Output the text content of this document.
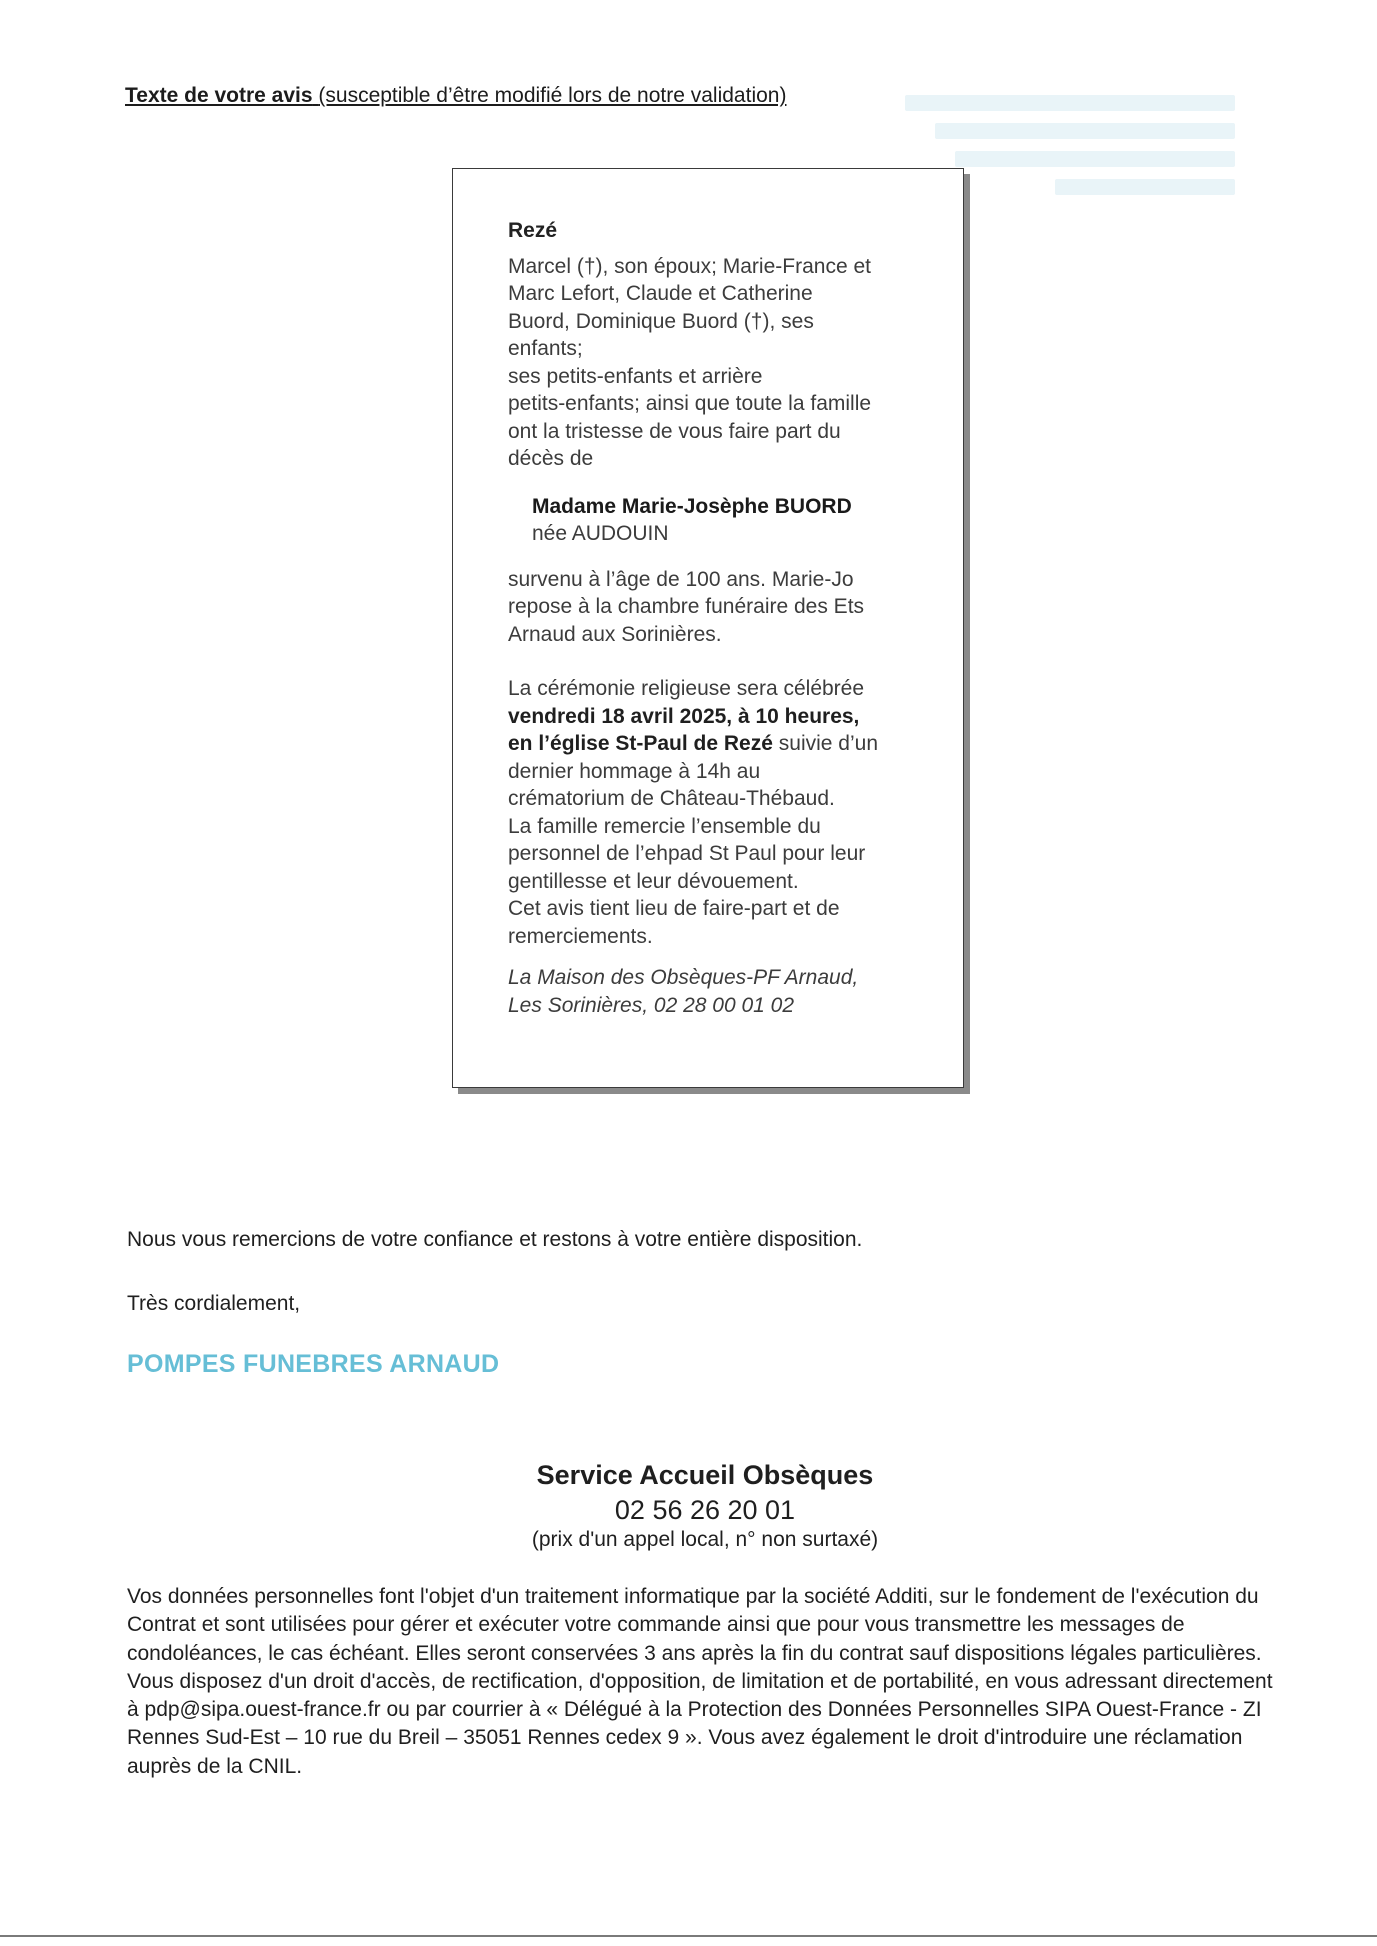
Texte de votre avis (susceptible d’être modifié lors de notre validation)
Rezé

Marcel (†), son époux; Marie-France et

Marc Lefort, Claude et Catherine

Buord, Dominique Buord (†), ses

enfants;

ses petits-enfants et arrière

petits-enfants; ainsi que toute la famille

ont la tristesse de vous faire part du

décès de

Madame Marie-Josèphe BUORD

née AUDOUIN

survenu à l’âge de 100 ans. Marie-Jo

repose à la chambre funéraire des Ets

Arnaud aux Sorinières.

La cérémonie religieuse sera célébrée

vendredi 18 avril 2025, à 10 heures,

en l’église St-Paul de Rezé suivie d’un

dernier hommage à 14h au

crématorium de Château-Thébaud.

La famille remercie l’ensemble du

personnel de l’ehpad St Paul pour leur

gentillesse et leur dévouement.

Cet avis tient lieu de faire-part et de

remerciements.

La Maison des Obsèques-PF Arnaud,

Les Sorinières, 02 28 00 01 02

Nous vous remercions de votre confiance et restons à votre entière disposition.
Très cordialement,
POMPES FUNEBRES ARNAUD
Service Accueil Obsèques
02 56 26 20 01
(prix d'un appel local, n° non surtaxé)
Vos données personnelles font l'objet d'un traitement informatique par la société Additi, sur le fondement de l'exécution du Contrat et sont utilisées pour gérer et exécuter votre commande ainsi que pour vous transmettre les messages de condoléances, le cas échéant. Elles seront conservées 3 ans après la fin du contrat sauf dispositions légales particulières. Vous disposez d'un droit d'accès, de rectification, d'opposition, de limitation et de portabilité, en vous adressant directement à pdp@sipa.ouest-france.fr ou par courrier à « Délégué à la Protection des Données Personnelles SIPA Ouest-France - ZI Rennes Sud-Est – 10 rue du Breil – 35051 Rennes cedex 9 ». Vous avez également le droit d'introduire une réclamation auprès de la CNIL.
